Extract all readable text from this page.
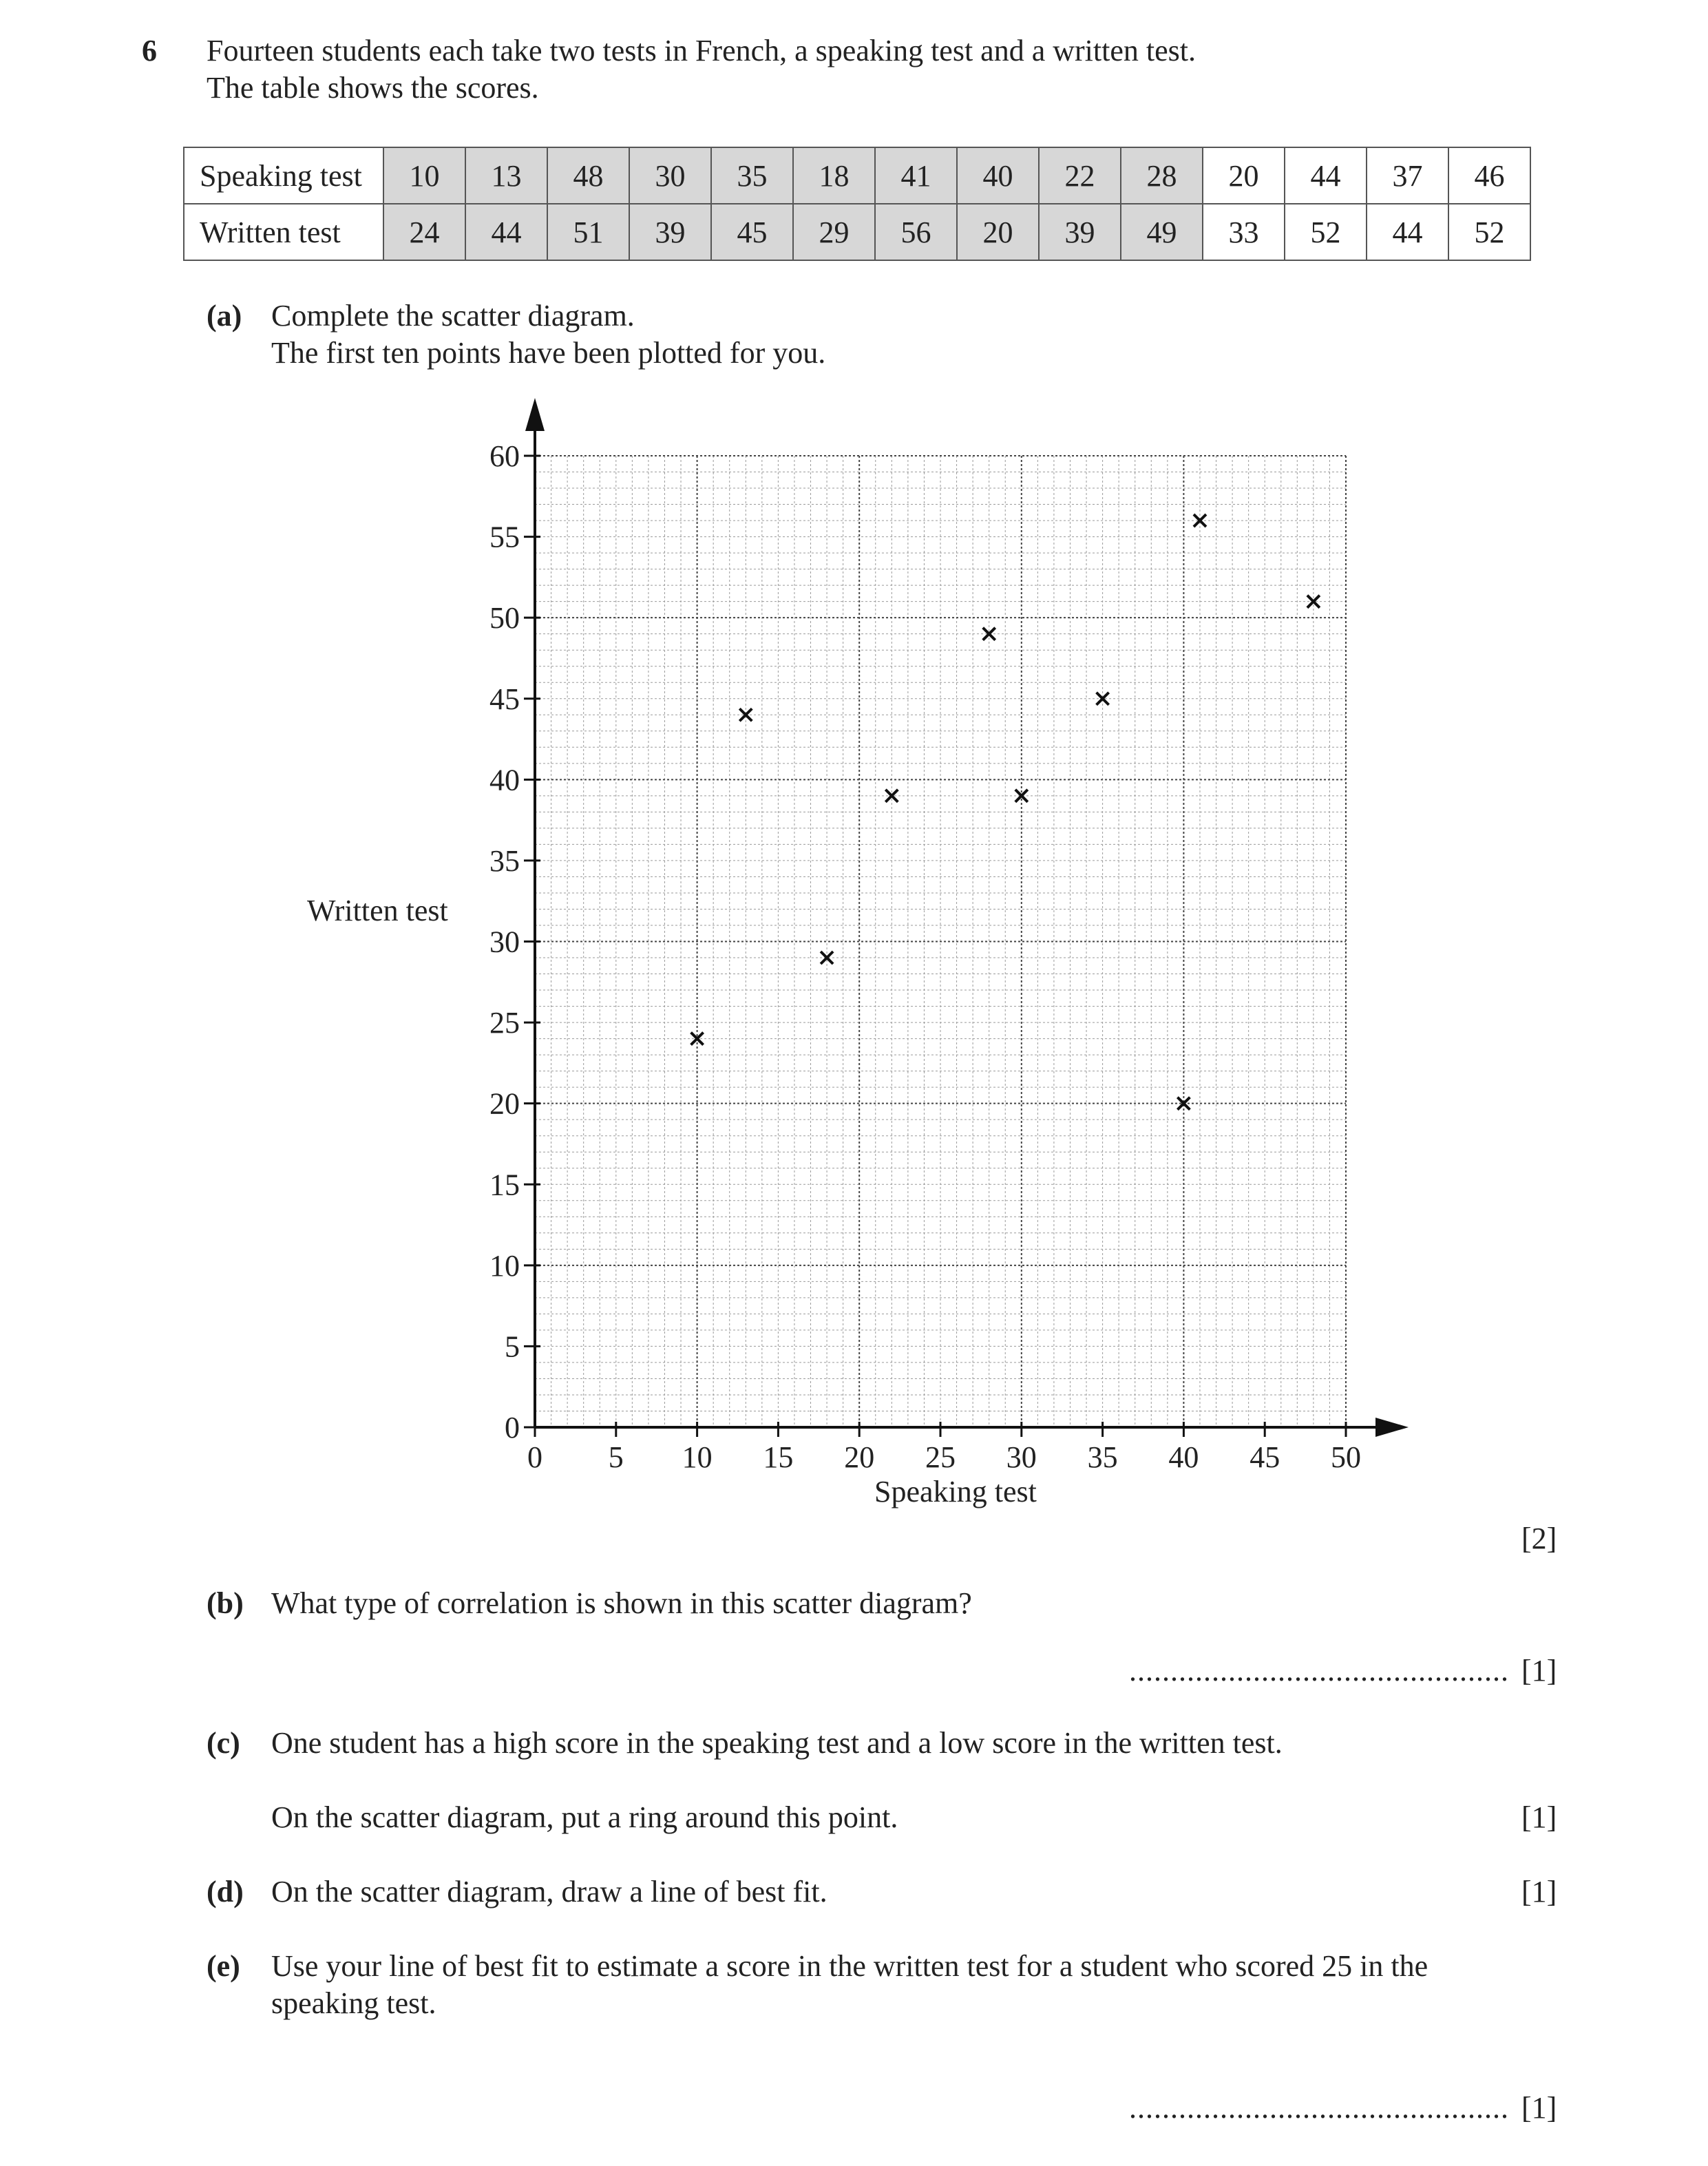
6 Fourteen students each take two tests in French, a speaking test and a written test.
The table shows the scores.
Speaking test	10	13	48	30	35	18	41	40	22	28	20	44	37	46
Written test	24	44	51	39	45	29	56	20	39	49	33	52	44	52
(a) Complete the scatter diagram.
The first ten points have been plotted for you.
0
5
10
15
20
25
30
35
40
45
50
55
60
0 5 10 15 20 25 30 35 40 45 50
Written test
Speaking test
[2]
(b) What type of correlation is shown in this scatter diagram?
.............................................. [1]
(c) One student has a high score in the speaking test and a low score in the written test.
On the scatter diagram, put a ring around this point.	[1]
(d) On the scatter diagram, draw a line of best fit.	[1]
(e) Use your line of best fit to estimate a score in the written test for a student who scored 25 in the
speaking test.
.............................................. [1]
